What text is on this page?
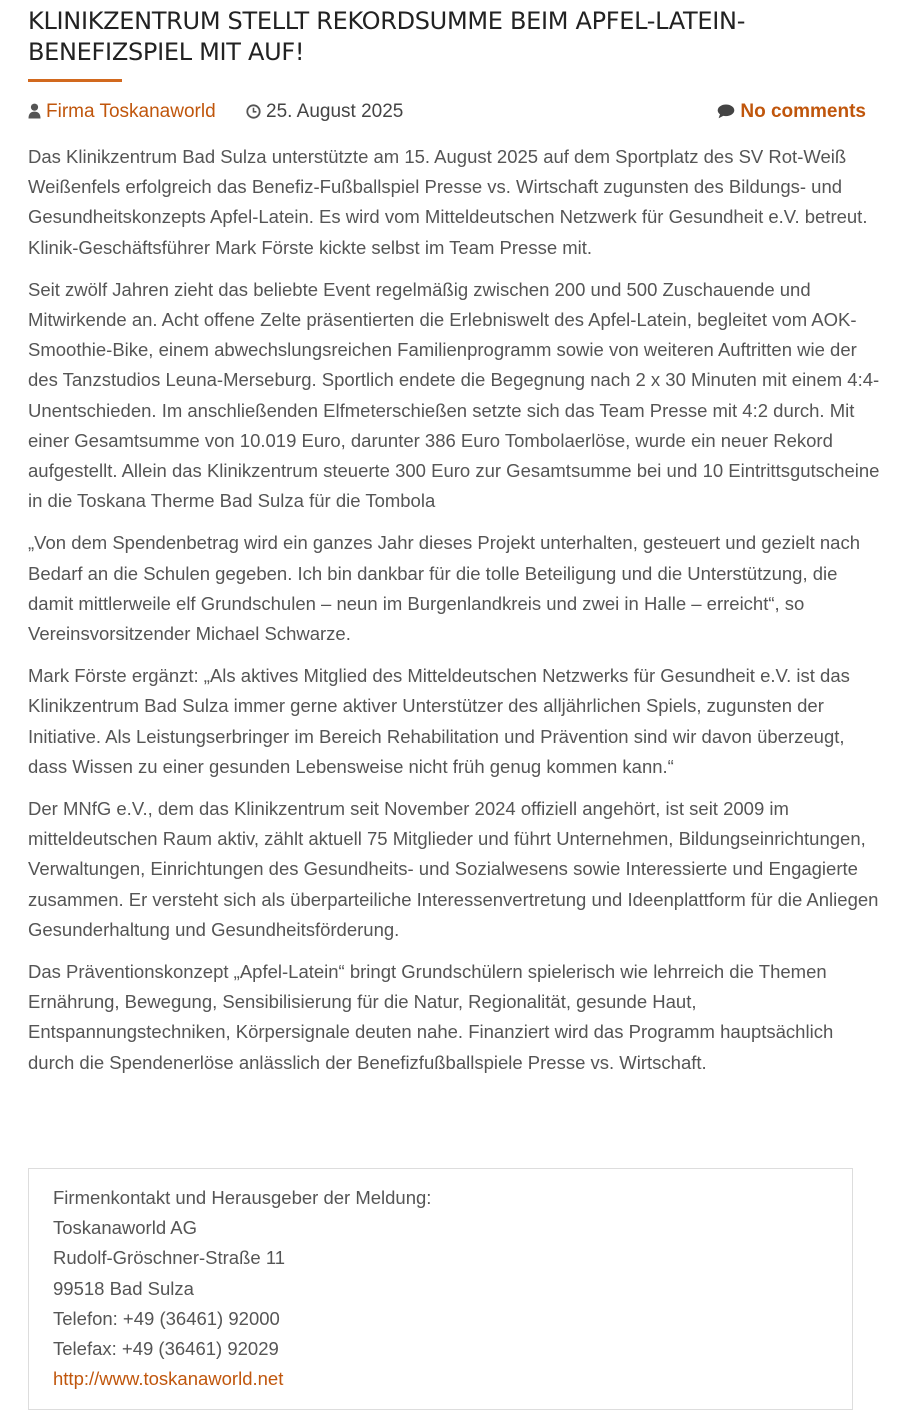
KLINIKZENTRUM STELLT REKORDSUMME BEIM APFEL-LATEIN-BENEFIZSPIEL MIT AUF!
Firma Toskanaworld	25. August 2025	No comments

Das Klinikzentrum Bad Sulza unterstützte am 15. August 2025 auf dem Sportplatz des SV Rot-Weiß Weißenfels erfolgreich das Benefiz-Fußballspiel Presse vs. Wirtschaft zugunsten des Bildungs- und Gesundheitskonzepts Apfel-Latein. Es wird vom Mitteldeutschen Netzwerk für Gesundheit e.V. betreut. Klinik-Geschäftsführer Mark Förste kickte selbst im Team Presse mit.

Seit zwölf Jahren zieht das beliebte Event regelmäßig zwischen 200 und 500 Zuschauende und Mitwirkende an. Acht offene Zelte präsentierten die Erlebniswelt des Apfel-Latein, begleitet vom AOK-Smoothie-Bike, einem abwechslungsreichen Familienprogramm sowie von weiteren Auftritten wie der des Tanzstudios Leuna-Merseburg. Sportlich endete die Begegnung nach 2 x 30 Minuten mit einem 4:4-Unentschieden. Im anschließenden Elfmeterschießen setzte sich das Team Presse mit 4:2 durch. Mit einer Gesamtsumme von 10.019 Euro, darunter 386 Euro Tombolaerlöse, wurde ein neuer Rekord aufgestellt. Allein das Klinikzentrum steuerte 300 Euro zur Gesamtsumme bei und 10 Eintrittsgutscheine in die Toskana Therme Bad Sulza für die Tombola

„Von dem Spendenbetrag wird ein ganzes Jahr dieses Projekt unterhalten, gesteuert und gezielt nach Bedarf an die Schulen gegeben. Ich bin dankbar für die tolle Beteiligung und die Unterstützung, die damit mittlerweile elf Grundschulen – neun im Burgenlandkreis und zwei in Halle – erreicht“, so Vereinsvorsitzender Michael Schwarze.

Mark Förste ergänzt: „Als aktives Mitglied des Mitteldeutschen Netzwerks für Gesundheit e.V. ist das Klinikzentrum Bad Sulza immer gerne aktiver Unterstützer des alljährlichen Spiels, zugunsten der Initiative. Als Leistungserbringer im Bereich Rehabilitation und Prävention sind wir davon überzeugt, dass Wissen zu einer gesunden Lebensweise nicht früh genug kommen kann.“

Der MNfG e.V., dem das Klinikzentrum seit November 2024 offiziell angehört, ist seit 2009 im mitteldeutschen Raum aktiv, zählt aktuell 75 Mitglieder und führt Unternehmen, Bildungseinrichtungen, Verwaltungen, Einrichtungen des Gesundheits- und Sozialwesens sowie Interessierte und Engagierte zusammen. Er versteht sich als überparteiliche Interessenvertretung und Ideenplattform für die Anliegen Gesunderhaltung und Gesundheitsförderung.

Das Präventionskonzept „Apfel-Latein“ bringt Grundschülern spielerisch wie lehrreich die Themen Ernährung, Bewegung, Sensibilisierung für die Natur, Regionalität, gesunde Haut, Entspannungstechniken, Körpersignale deuten nahe. Finanziert wird das Programm hauptsächlich durch die Spendenerlöse anlässlich der Benefizfußballspiele Presse vs. Wirtschaft.

Firmenkontakt und Herausgeber der Meldung:
Toskanaworld AG
Rudolf-Gröschner-Straße 11
99518 Bad Sulza
Telefon: +49 (36461) 92000
Telefax: +49 (36461) 92029
http://www.toskanaworld.net
